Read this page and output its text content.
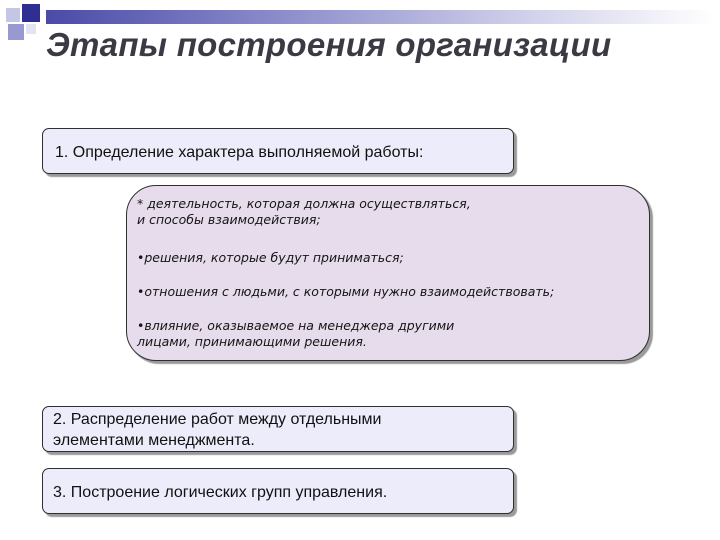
Этапы построения организации
1. Определение характера выполняемой работы:
* деятельность, которая должна осуществляться,
и способы взаимодействия;
•решения, которые будут приниматься;
•отношения с людьми, с которыми нужно взаимодействовать;
•влияние, оказываемое на менеджера другими
лицами, принимающими решения.
2. Распределение работ между отдельными
элементами менеджмента.
3. Построение логических групп управления.
